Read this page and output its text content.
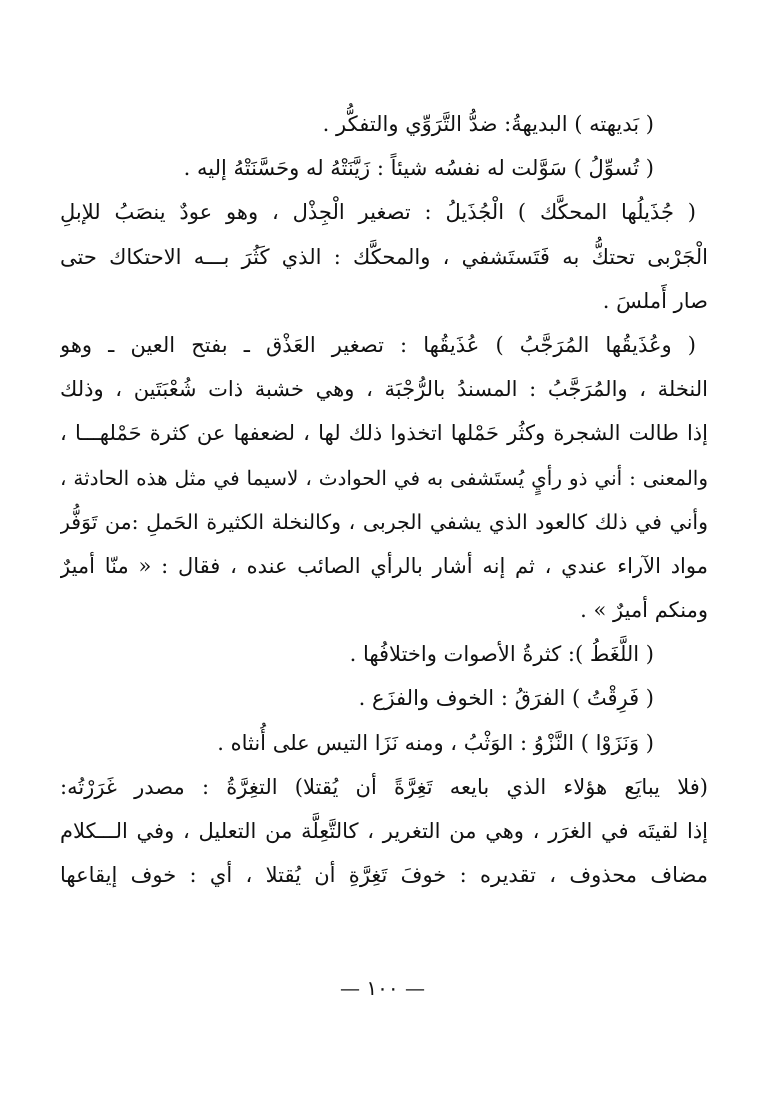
( بَديهته ) البديهةُ: ضدُّ التَّرَوِّي والتفكُّر .
( تُسوِّلُ ) سَوَّلت له نفسُه شيئاً : زَيَّنَتْهُ له وحَسَّنَتْهُ إليه .
( جُذَيلُها المحكَّك ) الْجُذَيلُ : تصغير الْجِذْل ، وهو عودٌ ينصَبُ للإبلِ
الْجَرْبى تحتكُّ به فَتَستَشفي ، والمحكَّك : الذي كَثُرَ بـــه الاحتكاك حتى
صار أَملسَ .
( وعُذَيقُها المُرَجَّبُ ) عُذَيقُها : تصغير العَذْق ـ بفتح العين ـ وهو
النخلة ، والمُرَجَّبُ : المسندُ بالرُّجْبَة ، وهي خشبة ذات شُعْبَتَين ، وذلك
إذا طالت الشجرة وكثُر حَمْلها اتخذوا ذلك لها ، لضعفها عن كثرة حَمْلهـــا ،
والمعنى : أني ذو رأيٍ يُستَشفى به في الحوادث ، لاسيما في مثل هذه الحادثة ،
وأني في ذلك كالعود الذي يشفي الجربى ، وكالنخلة الكثيرة الحَملِ :من تَوَفُّر
مواد الآراء عندي ، ثم إنه أشار بالرأي الصائب عنده ، فقال : « منّا أميرٌ
ومنكم أميرٌ » .
( اللَّغَطُ ): كثرةُ الأصوات واختلافُها .
( فَرِقْتُ ) الفرَقُ : الخوف والفزَع .
( وَنَزَوْا ) النَّزْوُ : الوَثْبُ ، ومنه نَزَا التيس على أُنثاه .
(فلا يبايَع هؤلاء الذي بايعه تَغِرَّةً أن يُقتلا) التغِرَّةُ : مصدر غَرَرْتُه:
إذا لقيتَه في الغرَر ، وهي من التغرير ، كالتَّعِلَّة من التعليل ، وفي الـــكلام
مضاف محذوف ، تقديره : خوفَ تَغِرَّةِ أن يُقتلا ، أي : خوف إيقاعها
— ١٠٠ —
